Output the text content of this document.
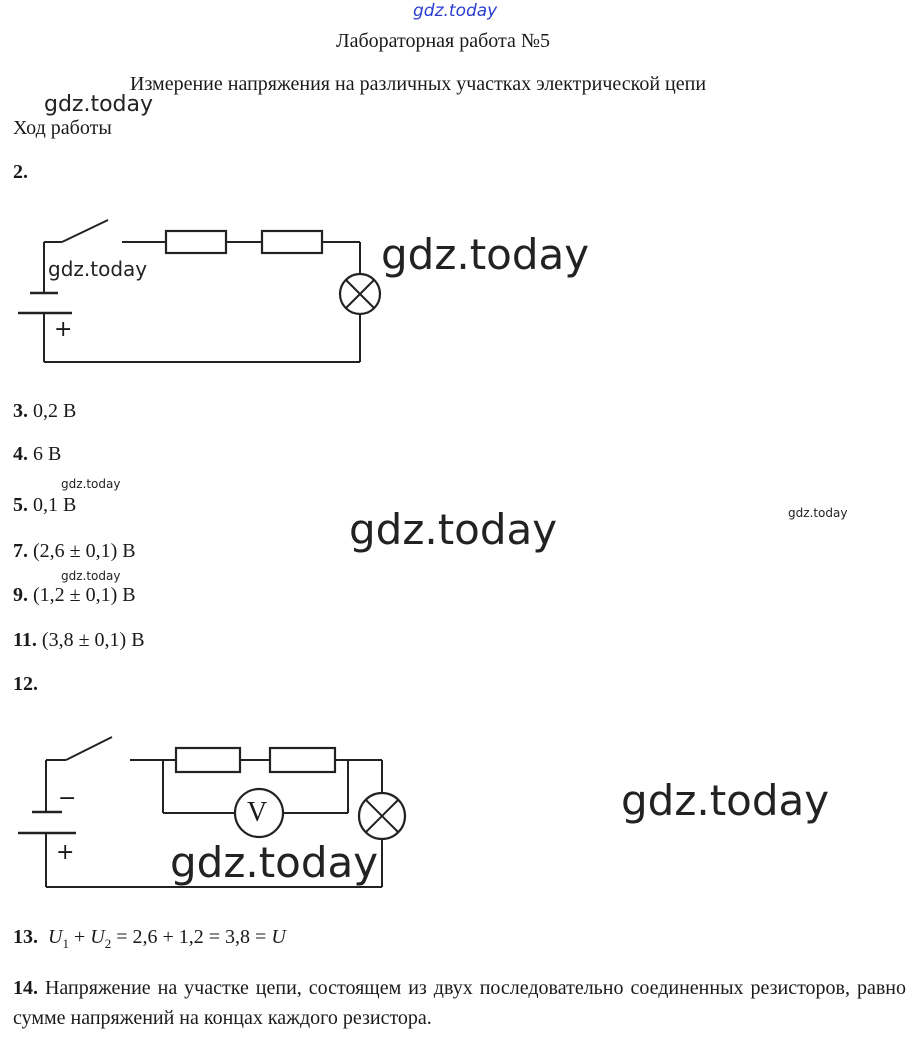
gdz.today
gdz.today
gdz.today	gdz.today
gdz.today
gdz.today	gdz.today
gdz.today
gdz.today
gdz.today
Лабораторная работа №5
Измерение напряжения на различных участках электрической цепи
Ход работы
2.
+
3. 0,2 В
4. 6 В
5. 0,1 В
7. (2,6 ± 0,1) В
9. (1,2 ± 0,1) В
11. (3,8 ± 0,1) В
12.
V
−
+
13. $U_1 + U_2 = 2,6 + 1,2 = 3,8 = U$
14. Напряжение на участке цепи, состоящем из двух последовательно соединенных резисторов, равно сумме напряжений на концах каждого резистора.
